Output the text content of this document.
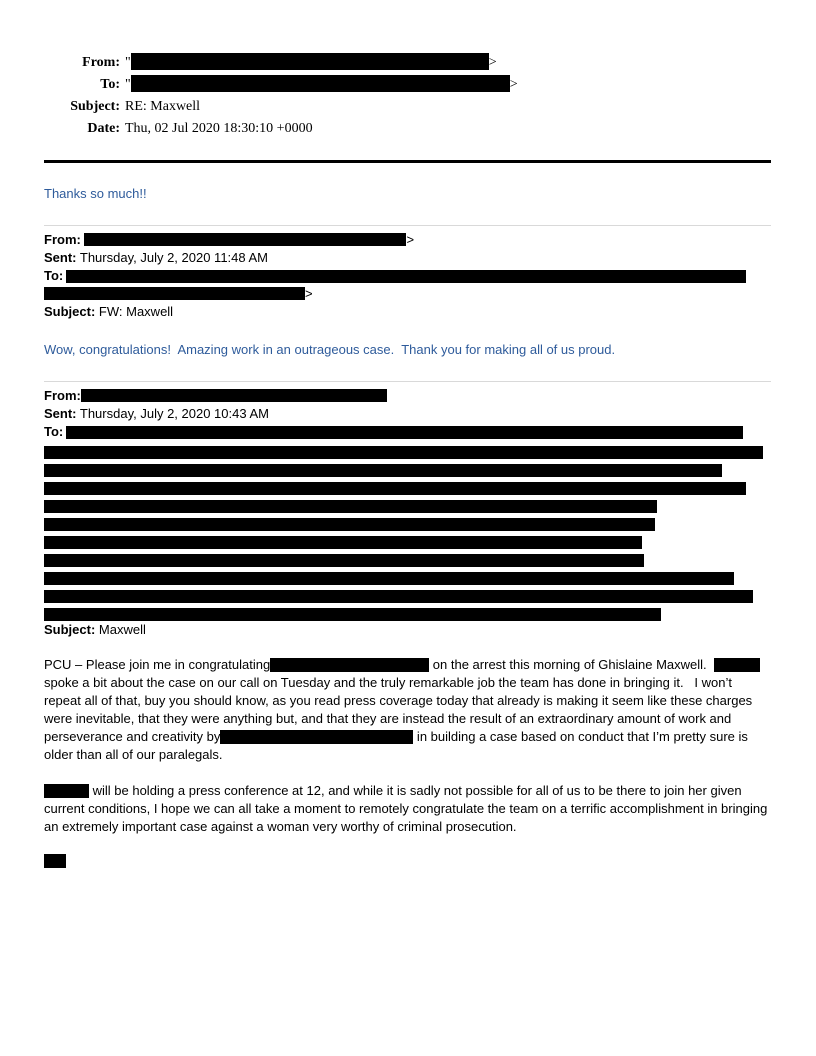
From: "	>
To: "	>
Subject: RE: Maxwell
Date: Thu, 02 Jul 2020 18:30:10 +0000

Thanks so much!!

From:	>
Sent: Thursday, July 2, 2020 11:48 AM
To:
>
Subject: FW: Maxwell

Wow, congratulations!  Amazing work in an outrageous case.  Thank you for making all of us proud.

From:
Sent: Thursday, July 2, 2020 10:43 AM
To:
Subject: Maxwell

PCU – Please join me in congratulating	on the arrest this morning of Ghislaine Maxwell.   spoke a bit about the case on our call on Tuesday and the truly remarkable job the team has done in bringing it.   I won’t repeat all of that, buy you should know, as you read press coverage today that already is making it seem like these charges were inevitable, that they were anything but, and that they are instead the result of an extraordinary amount of work and perseverance and creativity by	in building a case based on conduct that I’m pretty sure is older than all of our paralegals.

will be holding a press conference at 12, and while it is sadly not possible for all of us to be there to join her given current conditions, I hope we can all take a moment to remotely congratulate the team on a terrific accomplishment in bringing an extremely important case against a woman very worthy of criminal prosecution.
